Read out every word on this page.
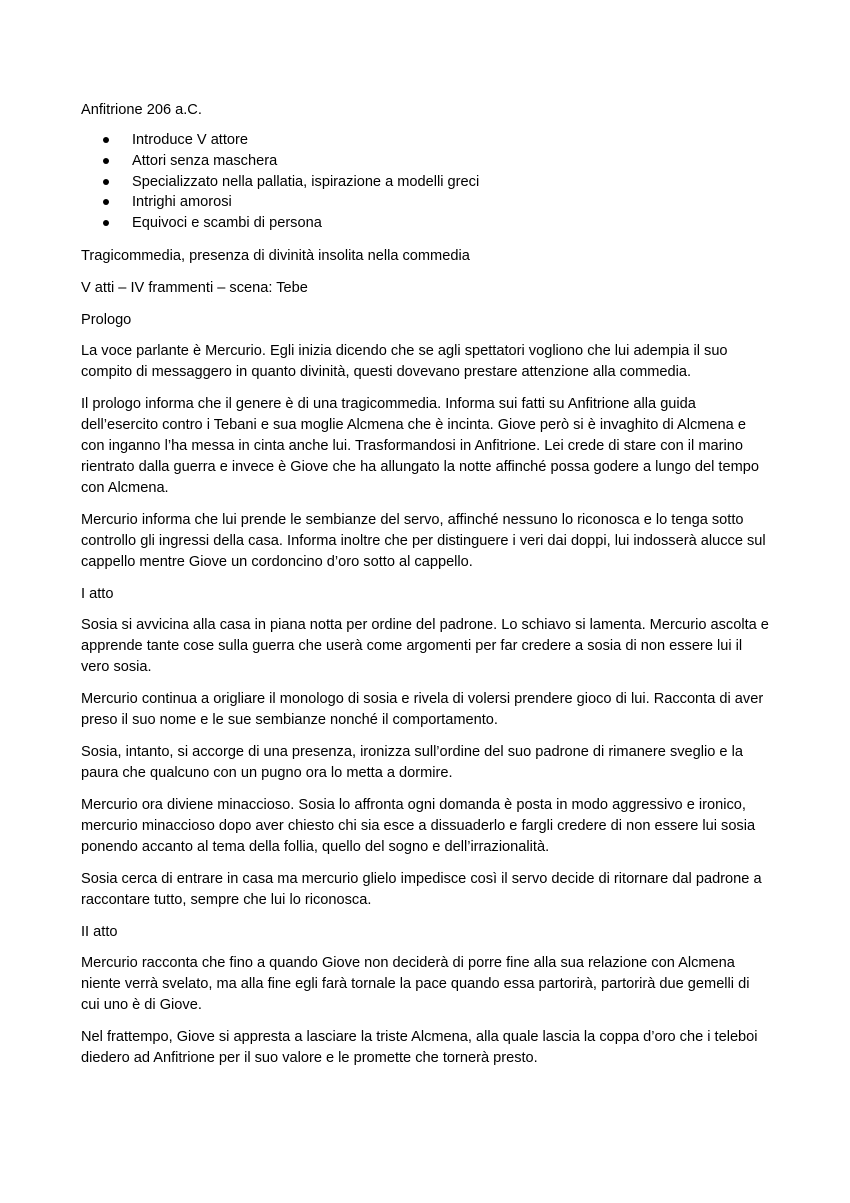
Anfitrione 206 a.C.

Introduce V attore
Attori senza maschera
Specializzato nella pallatia, ispirazione a modelli greci
Intrighi amorosi
Equivoci e scambi di persona

Tragicommedia, presenza di divinità insolita nella commedia

V atti – IV frammenti – scena: Tebe

Prologo

La voce parlante è Mercurio. Egli inizia dicendo che se agli spettatori vogliono che lui adempia il suo compito di messaggero in quanto divinità, questi dovevano prestare attenzione alla commedia.

Il prologo informa che il genere è di una tragicommedia. Informa sui fatti su Anfitrione alla guida dell’esercito contro i Tebani e sua moglie Alcmena che è incinta. Giove però si è invaghito di Alcmena e con inganno l’ha messa in cinta anche lui. Trasformandosi in Anfitrione. Lei crede di stare con il marino rientrato dalla guerra e invece è Giove che ha allungato la notte affinché possa godere a lungo del tempo con Alcmena.

Mercurio informa che lui prende le sembianze del servo, affinché nessuno lo riconosca e lo tenga sotto controllo gli ingressi della casa. Informa inoltre che per distinguere i veri dai doppi, lui indosserà alucce sul cappello mentre Giove un cordoncino d’oro sotto al cappello.

I atto

Sosia si avvicina alla casa in piana notta per ordine del padrone. Lo schiavo si lamenta. Mercurio ascolta e apprende tante cose sulla guerra che userà come argomenti per far credere a sosia di non essere lui il vero sosia.

Mercurio continua a origliare il monologo di sosia e rivela di volersi prendere gioco di lui. Racconta di aver preso il suo nome e le sue sembianze nonché il comportamento.

Sosia, intanto, si accorge di una presenza, ironizza sull’ordine del suo padrone di rimanere sveglio e la paura che qualcuno con un pugno ora lo metta a dormire.

Mercurio ora diviene minaccioso. Sosia lo affronta ogni domanda è posta in modo aggressivo e ironico, mercurio minaccioso dopo aver chiesto chi sia esce a dissuaderlo e fargli credere di non essere lui sosia ponendo accanto al tema della follia, quello del sogno e dell’irrazionalità.

Sosia cerca di entrare in casa ma mercurio glielo impedisce così il servo decide di ritornare dal padrone a raccontare tutto, sempre che lui lo riconosca.

II atto

Mercurio racconta che fino a quando Giove non deciderà di porre fine alla sua relazione con Alcmena niente verrà svelato, ma alla fine egli farà tornale la pace quando essa partorirà, partorirà due gemelli di cui uno è di Giove.

Nel frattempo, Giove si appresta a lasciare la triste Alcmena, alla quale lascia la coppa d’oro che i teleboi diedero ad Anfitrione per il suo valore e le promette che tornerà presto.
